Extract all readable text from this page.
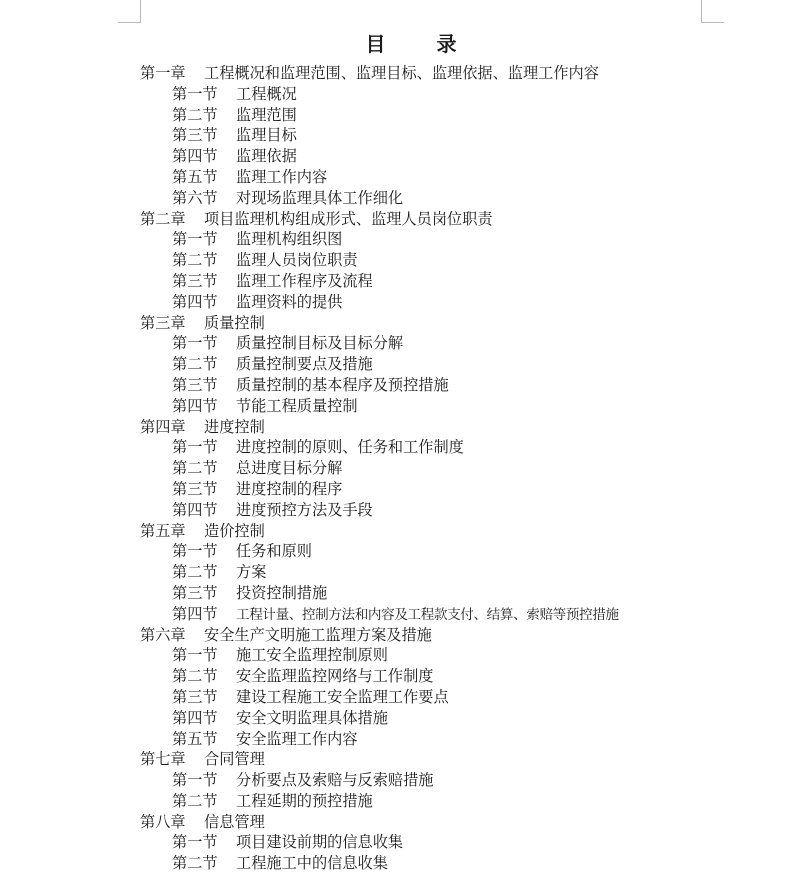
目 录
第一章 工程概况和监理范围、监理目标、监理依据、监理工作内容
第一节 工程概况
第二节 监理范围
第三节 监理目标
第四节 监理依据
第五节 监理工作内容
第六节 对现场监理具体工作细化
第二章 项目监理机构组成形式、监理人员岗位职责
第一节 监理机构组织图
第二节 监理人员岗位职责
第三节 监理工作程序及流程
第四节 监理资料的提供
第三章 质量控制
第一节 质量控制目标及目标分解
第二节 质量控制要点及措施
第三节 质量控制的基本程序及预控措施
第四节 节能工程质量控制
第四章 进度控制
第一节 进度控制的原则、任务和工作制度
第二节 总进度目标分解
第三节 进度控制的程序
第四节 进度预控方法及手段
第五章 造价控制
第一节 任务和原则
第二节 方案
第三节 投资控制措施
第四节 工程计量、控制方法和内容及工程款支付、结算、索赔等预控措施
第六章 安全生产文明施工监理方案及措施
第一节 施工安全监理控制原则
第二节 安全监理监控网络与工作制度
第三节 建设工程施工安全监理工作要点
第四节 安全文明监理具体措施
第五节 安全监理工作内容
第七章 合同管理
第一节 分析要点及索赔与反索赔措施
第二节 工程延期的预控措施
第八章 信息管理
第一节 项目建设前期的信息收集
第二节 工程施工中的信息收集
